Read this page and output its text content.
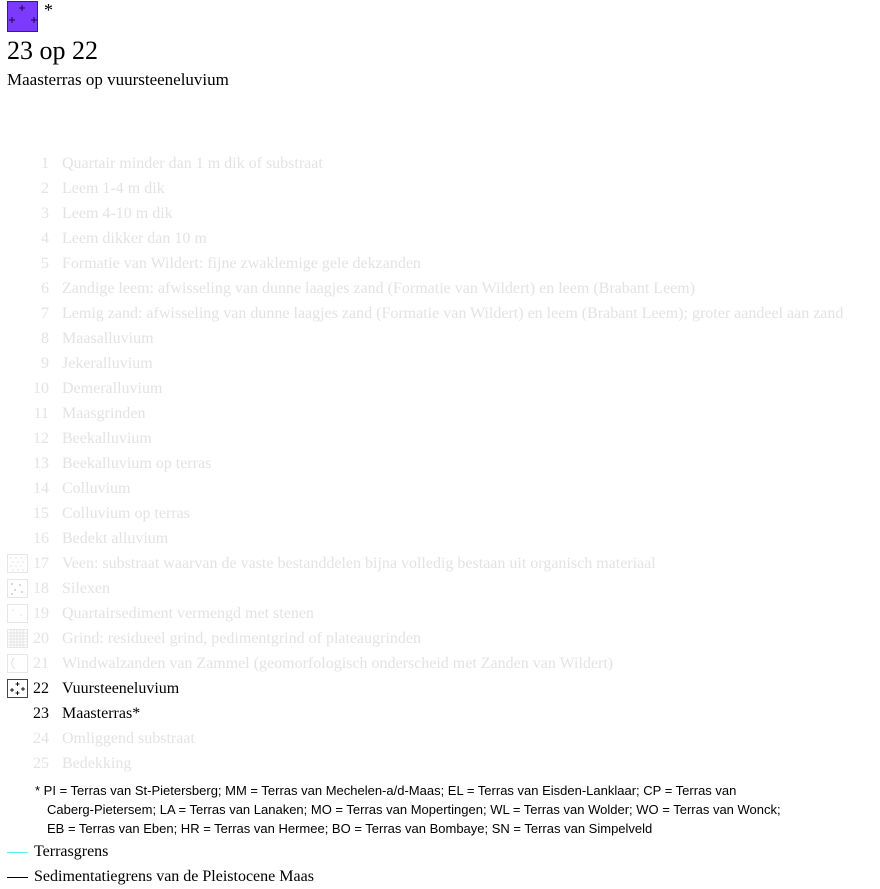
*
23 op 22
Maasterras op vuursteeneluvium
1 Quartair minder dan 1 m dik of substraat
2 Leem 1-4 m dik
3 Leem 4-10 m dik
4 Leem dikker dan 10 m
5 Formatie van Wildert: fijne zwaklemige gele dekzanden
6 Zandige leem: afwisseling van dunne laagjes zand (Formatie van Wildert) en leem (Brabant Leem)
7 Lemig zand: afwisseling van dunne laagjes zand (Formatie van Wildert) en leem (Brabant Leem); groter aandeel aan zand
8 Maasalluvium
9 Jekeralluvium
10 Demeralluvium
11 Maasgrinden
12 Beekalluvium
13 Beekalluvium op terras
14 Colluvium
15 Colluvium op terras
16 Bedekt alluvium
17 Veen: substraat waarvan de vaste bestanddelen bijna volledig bestaan uit organisch materiaal
18 Silexen
19 Quartairsediment vermengd met stenen
20 Grind: residueel grind, pedimentgrind of plateaugrinden
21 Windwalzanden van Zammel (geomorfologisch onderscheid met Zanden van Wildert)
22 Vuursteeneluvium
23 Maasterras*
24 Omliggend substraat
25 Bedekking
* PI = Terras van St-Pietersberg; MM = Terras van Mechelen-a/d-Maas; EL = Terras van Eisden-Lanklaar; CP = Terras van
Caberg-Pietersem; LA = Terras van Lanaken; MO = Terras van Mopertingen; WL = Terras van Wolder; WO = Terras van Wonck;
EB = Terras van Eben; HR = Terras van Hermee; BO = Terras van Bombaye; SN = Terras van Simpelveld
Terrasgrens
Sedimentatiegrens van de Pleistocene Maas
